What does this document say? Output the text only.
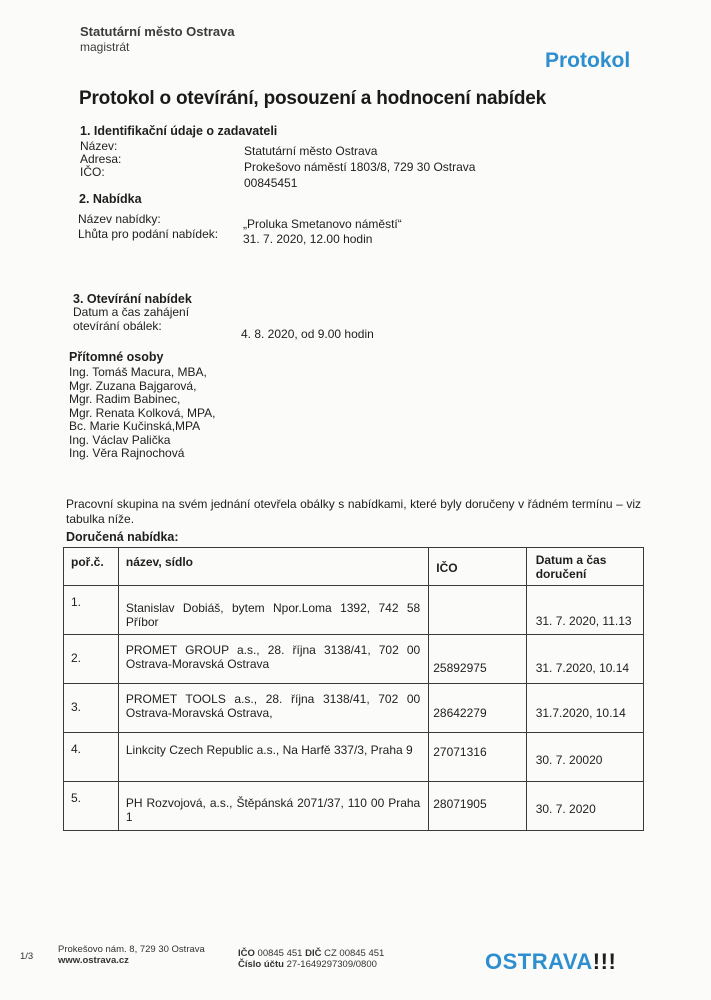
Statutární město Ostrava
magistrát
Protokol
Protokol o otevírání, posouzení a hodnocení nabídek
1. Identifikační údaje o zadavateli
Název:	Statutární město Ostrava
Adresa:
Prokešovo náměstí 1803/8, 729 30 Ostrava
IČO:
00845451
2. Nabídka
Název nabídky:	„Proluka Smetanovo náměstí“
Lhůta pro podání nabídek: 31. 7. 2020, 12.00 hodin
3. Otevírání nabídek
Datum a čas zahájení
otevírání obálek:
4. 8. 2020, od 9.00 hodin
Přítomné osoby
Ing. Tomáš Macura, MBA,
Mgr. Zuzana Bajgarová,
Mgr. Radim Babinec,
Mgr. Renata Kolková, MPA,
Bc. Marie Kučinská,MPA
Ing. Václav Palička
Ing. Věra Rajnochová
Pracovní skupina na svém jednání otevřela obálky s nabídkami, které byly doručeny v řádném termínu – viz tabulka níže.
Doručená nabídka:
poř.č.	název, sídlo	IČO	Datum a čas doručení

1.	Stanislav Dobiáš, bytem Npor.Loma 1392, 742 58 Příbor		31. 7. 2020, 11.13

2.	PROMET GROUP a.s., 28. října 3138/41, 702 00 Ostrava-Moravská Ostrava	25892975	31. 7.2020, 10.14

3.	PROMET TOOLS a.s., 28. října 3138/41, 702 00 Ostrava-Moravská Ostrava,	28642279	31.7.2020, 10.14

4.	Linkcity Czech Republic a.s., Na Harfě 337/3, Praha 9	27071316	30. 7. 20020

5.	PH Rozvojová, a.s., Štěpánská 2071/37, 110 00 Praha 1	28071905	30. 7. 2020
1/3
Prokešovo nám. 8, 729 30 Ostrava
www.ostrava.cz
IČO 00845 451 DIČ CZ 00845 451
Číslo účtu 27-1649297309/0800	OSTRAVA!!!
